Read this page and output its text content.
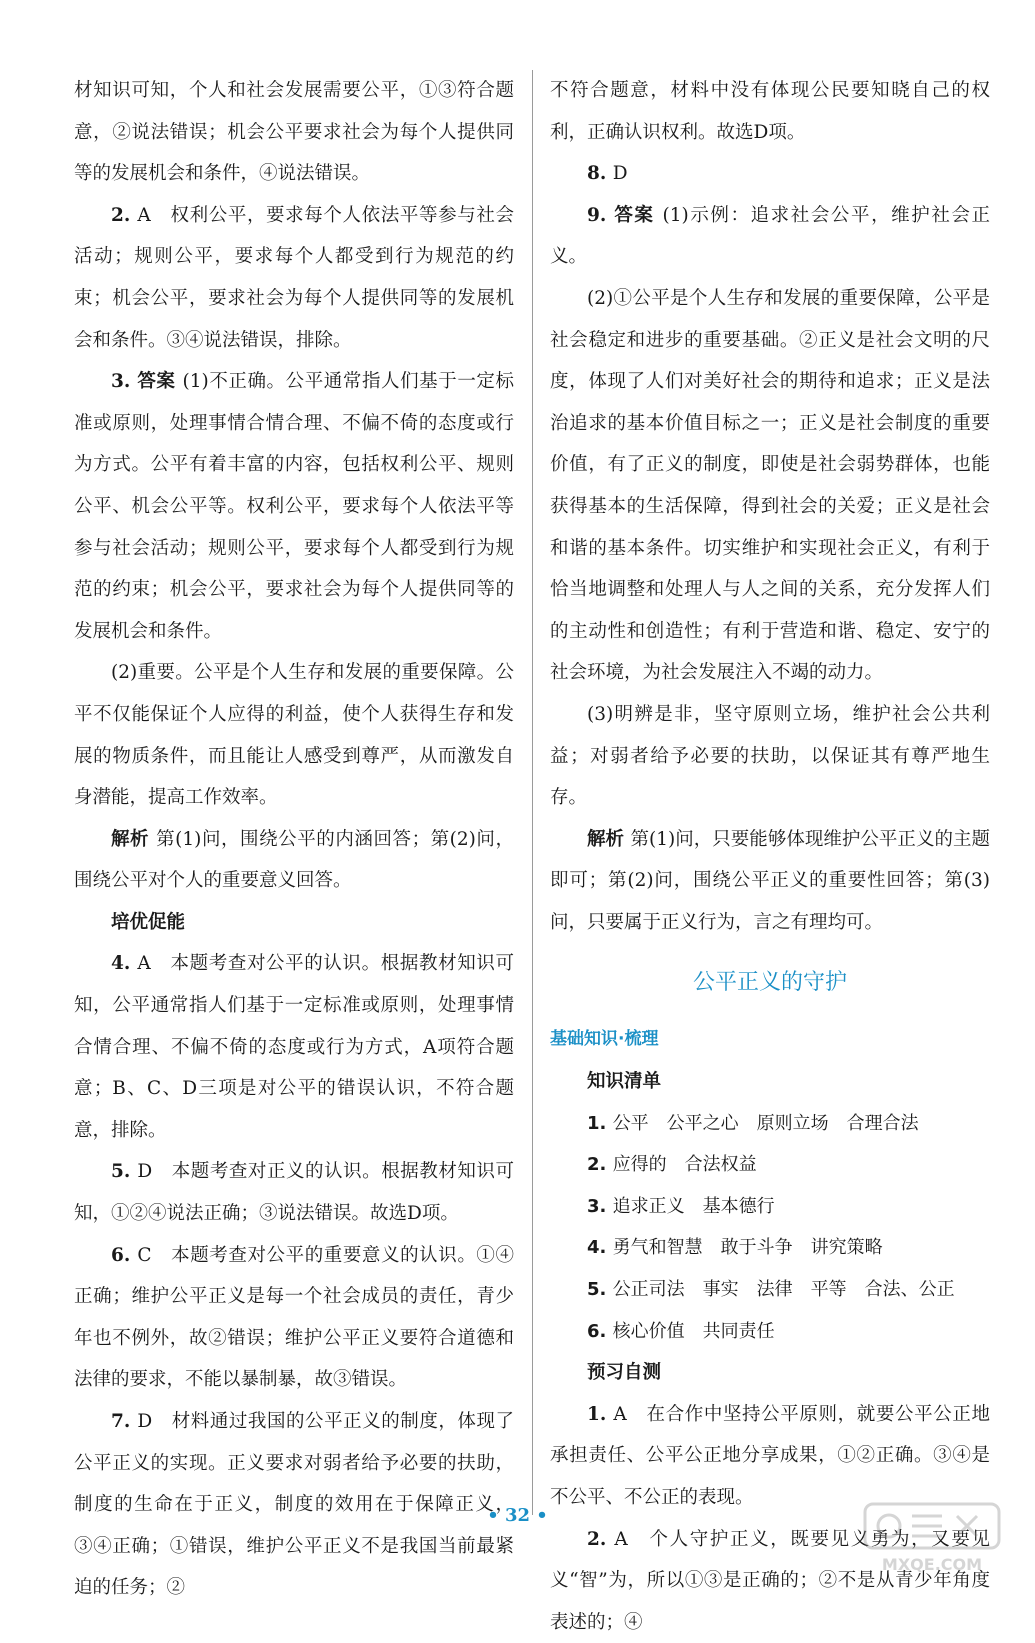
材知识可知，个人和社会发展需要公平，①③符合题意，②说法错误；机会公平要求社会为每个人提供同等的发展机会和条件，④说法错误。

2. A　权利公平，要求每个人依法平等参与社会活动；规则公平，要求每个人都受到行为规范的约束；机会公平，要求社会为每个人提供同等的发展机会和条件。③④说法错误，排除。

3. 答案 (1)不正确。公平通常指人们基于一定标准或原则，处理事情合情合理、不偏不倚的态度或行为方式。公平有着丰富的内容，包括权利公平、规则公平、机会公平等。权利公平，要求每个人依法平等参与社会活动；规则公平，要求每个人都受到行为规范的约束；机会公平，要求社会为每个人提供同等的发展机会和条件。

(2)重要。公平是个人生存和发展的重要保障。公平不仅能保证个人应得的利益，使个人获得生存和发展的物质条件，而且能让人感受到尊严，从而激发自身潜能，提高工作效率。

解析 第(1)问，围绕公平的内涵回答；第(2)问，围绕公平对个人的重要意义回答。

培优促能

4. A　本题考查对公平的认识。根据教材知识可知，公平通常指人们基于一定标准或原则，处理事情合情合理、不偏不倚的态度或行为方式，A项符合题意；B、C、D三项是对公平的错误认识，不符合题意，排除。

5. D　本题考查对正义的认识。根据教材知识可知，①②④说法正确；③说法错误。故选D项。

6. C　本题考查对公平的重要意义的认识。①④正确；维护公平正义是每一个社会成员的责任，青少年也不例外，故②错误；维护公平正义要符合道德和法律的要求，不能以暴制暴，故③错误。

7. D　材料通过我国的公平正义的制度，体现了公平正义的实现。正义要求对弱者给予必要的扶助，制度的生命在于正义，制度的效用在于保障正义，③④正确；①错误，维护公平正义不是我国当前最紧迫的任务；②

不符合题意，材料中没有体现公民要知晓自己的权利，正确认识权利。故选D项。

8. D

9. 答案 (1)示例：追求社会公平，维护社会正义。

(2)①公平是个人生存和发展的重要保障，公平是社会稳定和进步的重要基础。②正义是社会文明的尺度，体现了人们对美好社会的期待和追求；正义是法治追求的基本价值目标之一；正义是社会制度的重要价值，有了正义的制度，即使是社会弱势群体，也能获得基本的生活保障，得到社会的关爱；正义是社会和谐的基本条件。切实维护和实现社会正义，有利于恰当地调整和处理人与人之间的关系，充分发挥人们的主动性和创造性；有利于营造和谐、稳定、安宁的社会环境，为社会发展注入不竭的动力。

(3)明辨是非，坚守原则立场，维护社会公共利益；对弱者给予必要的扶助，以保证其有尊严地生存。

解析 第(1)问，只要能够体现维护公平正义的主题即可；第(2)问，围绕公平正义的重要性回答；第(3)问，只要属于正义行为，言之有理均可。

公平正义的守护

基础知识·梳理

知识清单

1. 公平　公平之心　原则立场　合理合法

2. 应得的　合法权益

3. 追求正义　基本德行

4. 勇气和智慧　敢于斗争　讲究策略

5. 公正司法　事实　法律　平等　合法、公正

6. 核心价值　共同责任

预习自测

1. A　在合作中坚持公平原则，就要公平公正地承担责任、公平公正地分享成果，①②正确。③④是不公平、不公正的表现。

2. A　个人守护正义，既要见义勇为，又要见义“智”为，所以①③是正确的；②不是从青少年角度表述的；④

• 32 •
MXQE.COM
